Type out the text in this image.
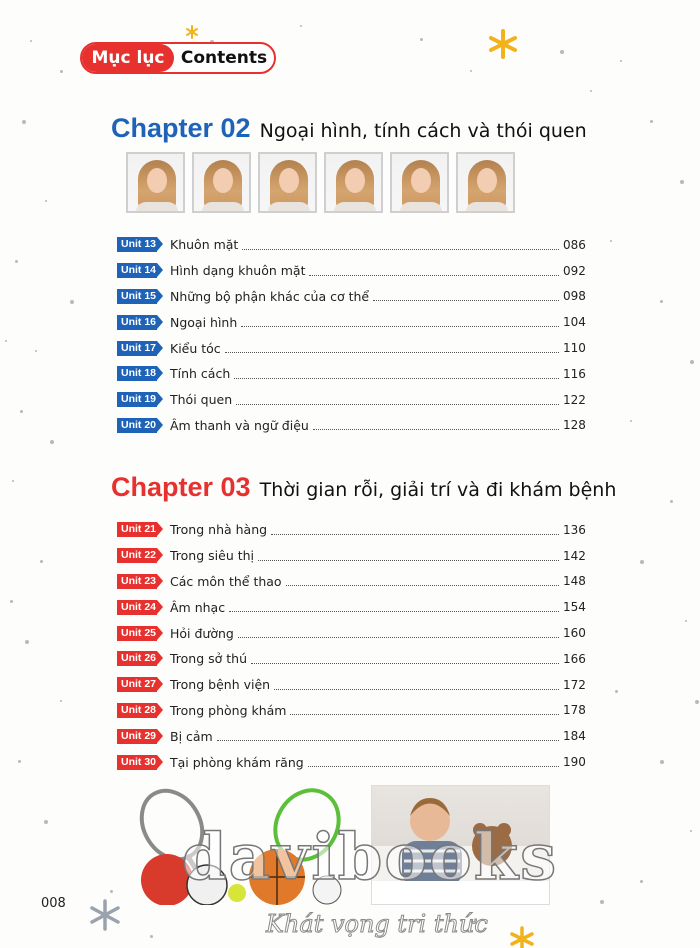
Mục lục Contents
Chapter 02 Ngoại hình, tính cách và thói quen
Unit 13 Khuôn mặt	086
Unit 14 Hình dạng khuôn mặt	092
Unit 15 Những bộ phận khác của cơ thể	098
Unit 16 Ngoại hình	104
Unit 17 Kiểu tóc	110
Unit 18 Tính cách	116
Unit 19 Thói quen	122
Unit 20 Âm thanh và ngữ điệu	128
Chapter 03 Thời gian rỗi, giải trí và đi khám bệnh
Unit 21 Trong nhà hàng	136
Unit 22 Trong siêu thị	142
Unit 23 Các môn thể thao	148
Unit 24 Âm nhạc	154
Unit 25 Hỏi đường	160
Unit 26 Trong sở thú	166
Unit 27 Trong bệnh viện	172
Unit 28 Trong phòng khám	178
Unit 29 Bị cảm	184
Unit 30 Tại phòng khám răng	190
davibooks
Khát vọng tri thức
008
